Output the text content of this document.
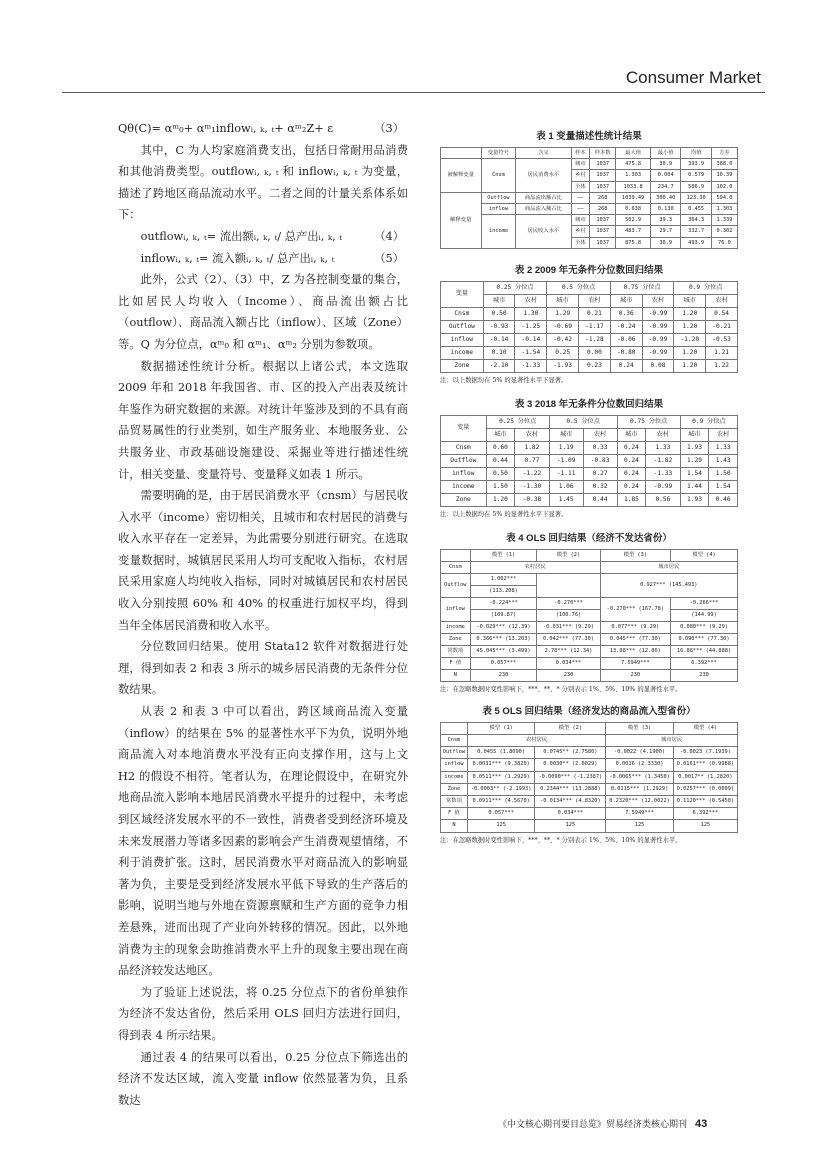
Consumer Market
Qθ(C)= αᵐ₀+ αᵐ₁inflowᵢ, ₖ, ₜ+ αᵐ₂Z+ ε	（3）

其中，C 为人均家庭消费支出，包括日常耐用品消费和其他消费类型。outflowᵢ, ₖ, ₜ 和 inflowᵢ, ₖ, ₜ 为变量，描述了跨地区商品流动水平。二者之间的计量关系体系如下：

outflowᵢ, ₖ, ₜ= 流出额ᵢ, ₖ, ₜ/ 总产出ᵢ, ₖ, ₜ	（4）
inflowᵢ, ₖ, ₜ= 流入额ᵢ, ₖ, ₜ/ 总产出ᵢ, ₖ, ₜ	（5）

此外，公式（2）、（3）中，Z 为各控制变量的集合，比如居民人均收入（Income）、商品流出额占比（outflow）、商品流入额占比（inflow）、区域（Zone）等。Q 为分位点，αᵐ₀ 和 αᵐ₁、αᵐ₂ 分别为参数项。

数据描述性统计分析。根据以上诸公式，本文选取 2009 年和 2018 年我国省、市、区的投入产出表及统计年鉴作为研究数据的来源。对统计年鉴涉及到的不具有商品贸易属性的行业类别，如生产服务业、本地服务业、公共服务业、市政基础设施建设、采掘业等进行描述性统计，相关变量、变量符号、变量释义如表 1 所示。

需要明确的是，由于居民消费水平（cnsm）与居民收入水平（income）密切相关，且城市和农村居民的消费与收入水平存在一定差异，为此需要分别进行研究。在选取变量数据时，城镇居民采用人均可支配收入指标，农村居民采用家庭人均纯收入指标，同时对城镇居民和农村居民收入分别按照 60% 和 40% 的权重进行加权平均，得到当年全体居民消费和收入水平。

分位数回归结果。使用 Stata12 软件对数据进行处理，得到如表 2 和表 3 所示的城乡居民消费的无条件分位数结果。

从表 2 和表 3 中可以看出，跨区域商品流入变量（inflow）的结果在 5% 的显著性水平下为负，说明外地商品流入对本地消费水平没有正向支撑作用，这与上文 H2 的假设不相符。笔者认为，在理论假设中，在研究外地商品流入影响本地居民消费水平提升的过程中，未考虑到区域经济发展水平的不一致性，消费者受到经济环境及未来发展潜力等诸多因素的影响会产生消费观望情绪，不利于消费扩张。这时，居民消费水平对商品流入的影响显著为负，主要是受到经济发展水平低下导致的生产落后的影响，说明当地与外地在资源禀赋和生产方面的竞争力相差悬殊，进而出现了产业向外转移的情况。因此，以外地消费为主的现象会助推消费水平上升的现象主要出现在商品经济较发达地区。

为了验证上述说法，将 0.25 分位点下的省份单独作为经济不发达省份，然后采用 OLS 回归方法进行回归，得到表 4 所示结果。

通过表 4 的结果可以看出，0.25 分位点下筛选出的经济不发达区域，流入变量 inflow 依然显著为负，且系数达

表 1 变量描述性统计结果
	变量符号	含义	样本	样本数	最大值	最小值	均值	方差
被解释变量	Cnsm	居民消费水平	城市	1037	475.8	30.9	393.9	388.0
			乡村	1037	1.303	0.004	0.579	10.39
			全体	1037	1033.8	234.7	506.9	102.0
解释变量	Outflow	商品流出额占比	——	268	1039.49	300.40	123.30	594.0
	inflow	商品流入额占比	——	268	0.638	0.130	0.455	1.303
	income	居民收入水平	城市	1037	502.9	39.3	364.3	1.339
			乡村	1037	483.7	29.7	332.7	0.302
			全体	1037	875.8	30.9	493.9	76.0
表 2 2009 年无条件分位数回归结果
变量	0.25 分位点		0.5 分位点		0.75 分位点		0.9 分位点	
	城市	农村	城市	农村	城市	农村	城市	农村
Cnsm	0.50	1.30	1.29	0.21	0.36	-0.99	1.20	0.54
Outflow	-0.93	-1.25	-0.69	-1.17	-0.24	-0.99	1.20	-0.21
inflow	-0.14	-0.14	-0.42	-1.28	-0.06	-0.99	-1.20	-0.53
income	0.10	-1.54	0.25	0.00	-0.80	-0.99	1.20	1.21
Zone	-2.10	-1.33	-1.93	0.23	0.24	0.08	1.20	1.22
注：以上数据均在 5% 的显著性水平下显著。
表 3 2018 年无条件分位数回归结果
变量	0.25 分位点		0.5 分位点		0.75 分位点		0.9 分位点	
	城市	农村	城市	农村	城市	农村	城市	农村
Cnsm	0.60	1.82	1.19	0.33	0.24	1.33	1.93	1.33
Outflow	0.44	0.77	-1.09	-0.83	0.24	-1.82	1.29	1.43
inflow	0.50	-1.22	-1.11	0.27	0.24	-1.33	1.54	1.50
income	1.50	-1.30	1.06	0.32	0.24	-0.99	1.44	1.54
Zone	1.20	-0.38	1.45	0.44	1.85	0.56	1.93	0.46
注：以上数据均在 5% 的显著性水平下显著。
表 4 OLS 回归结果（经济不发达省份）
	模型 (1)	模型 (2)	模型 (3)	模型 (4)
Cnsm	农村居民		城市居民	
Outflow	1.002***		0.927*** (145.493)	
	(113.208)			
inflow	-0.224***	-0.270***	-0.270*** (167.78)	-0.266***
	(109.87)	(100.76)		(144.99)
income	-0.029*** (12.39)	-0.031*** (9.29)	0.077*** (9.29)	0.080*** (9.29)
Zone	0.366*** (13.203)	0.042*** (77.30)	0.045*** (77.30)	0.090*** (77.30)
常数项	45.045*** (3.499)	2.78*** (12.34)	13.88*** (12.86)	16.88*** (44.888)
F 值	0.057***	0.034***	7.5949***	6.392***
N	230	230	230	230
注：在忽略数据时变性影响下，***、**、* 分别表示 1%、5%、10% 的显著性水平。
表 5 OLS 回归结果（经济发达的商品流入型省份）
	模型 (1)	模型 (2)	模型 (3)	模型 (4)
Cnsm	农村居民		城市居民	
Outflow	0.0455 (1.8090)	0.0745** (2.7580)	-0.0022 (4.1900)	-0.0023 (7.1939)
inflow	0.0031*** (9.3820)	0.0030** (2.0029)	0.0016 (2.3330)	0.0161*** (0.9988)
income	0.0511*** (1.2929)	-0.0090*** (-1.2387)	-0.0065*** (1.3450)	0.0017** (1.2820)
Zone	-0.0003** (-2.1993)	0.2344*** (13.2888)	0.0115*** (1.2929)	0.0257*** (0.0099)
常数项	0.0911*** (4.5670)	-0.0134*** (4.8320)	0.2320*** (12.0022)	0.1120*** (0.5450)
F 值	0.057***	0.034***	7.5949***	6.392***
N	125	125	125	125
注：在忽略数据时变性影响下，***、**、* 分别表示 1%、5%、10% 的显著性水平。
《中文核心期刊要目总览》贸易经济类核心期刊 43
